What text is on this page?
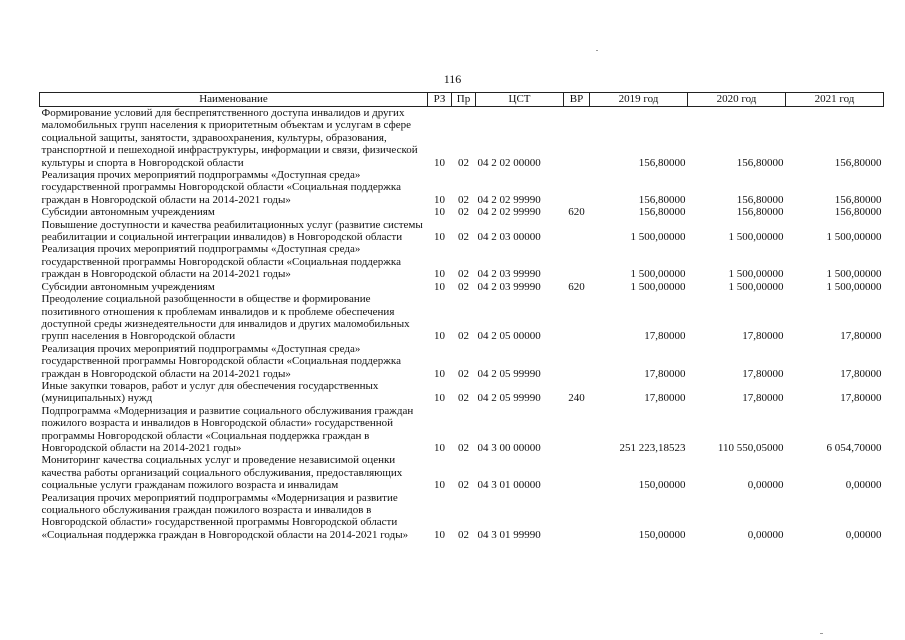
116
Наименование	РЗ	Пр	ЦСТ	ВР	2019 год	2020 год	2021 год
Формирование условий для беспрепятственного доступа инвалидов и других маломобильных групп населения к приоритетным объектам и услугам в сфере социальной защиты, занятости, здравоохранения, культуры, образования, транспортной и пешеходной инфраструктуры, информации и связи, физической культуры и спорта в Новгородской области	10	02	04 2 02 00000		156,80000	156,80000	156,80000
Реализация прочих мероприятий подпрограммы «Доступная среда» государственной программы Новгородской области «Социальная поддержка граждан в Новгородской области на 2014-2021 годы»	10	02	04 2 02 99990		156,80000	156,80000	156,80000
Субсидии автономным учреждениям	10	02	04 2 02 99990	620	156,80000	156,80000	156,80000
Повышение доступности и качества реабилитационных услуг (развитие системы реабилитации и социальной интеграции инвалидов) в Новгородской области	10	02	04 2 03 00000		1 500,00000	1 500,00000	1 500,00000
Реализация прочих мероприятий подпрограммы «Доступная среда» государственной программы Новгородской области «Социальная поддержка граждан в Новгородской области на 2014-2021 годы»	10	02	04 2 03 99990		1 500,00000	1 500,00000	1 500,00000
Субсидии автономным учреждениям	10	02	04 2 03 99990	620	1 500,00000	1 500,00000	1 500,00000
Преодоление социальной разобщенности в обществе и формирование позитивного отношения к проблемам инвалидов и к проблеме обеспечения доступной среды жизнедеятельности для инвалидов и других маломобильных групп населения в Новгородской области	10	02	04 2 05 00000		17,80000	17,80000	17,80000
Реализация прочих мероприятий подпрограммы «Доступная среда» государственной программы Новгородской области «Социальная поддержка граждан в Новгородской области на 2014-2021 годы»	10	02	04 2 05 99990		17,80000	17,80000	17,80000
Иные закупки товаров, работ и услуг для обеспечения государственных (муниципальных) нужд	10	02	04 2 05 99990	240	17,80000	17,80000	17,80000
Подпрограмма «Модернизация и развитие социального обслуживания граждан пожилого возраста и инвалидов в Новгородской области» государственной программы Новгородской области «Социальная поддержка граждан в Новгородской области на 2014-2021 годы»	10	02	04 3 00 00000		251 223,18523	110 550,05000	6 054,70000
Мониторинг качества социальных услуг и проведение независимой оценки качества работы организаций социального обслуживания, предоставляющих социальные услуги гражданам пожилого возраста и инвалидам	10	02	04 3 01 00000		150,00000	0,00000	0,00000
Реализация прочих мероприятий подпрограммы «Модернизация и развитие социального обслуживания граждан пожилого возраста и инвалидов в Новгородской области» государственной программы Новгородской области «Социальная поддержка граждан в Новгородской области на 2014-2021 годы»	10	02	04 3 01 99990		150,00000	0,00000	0,00000
